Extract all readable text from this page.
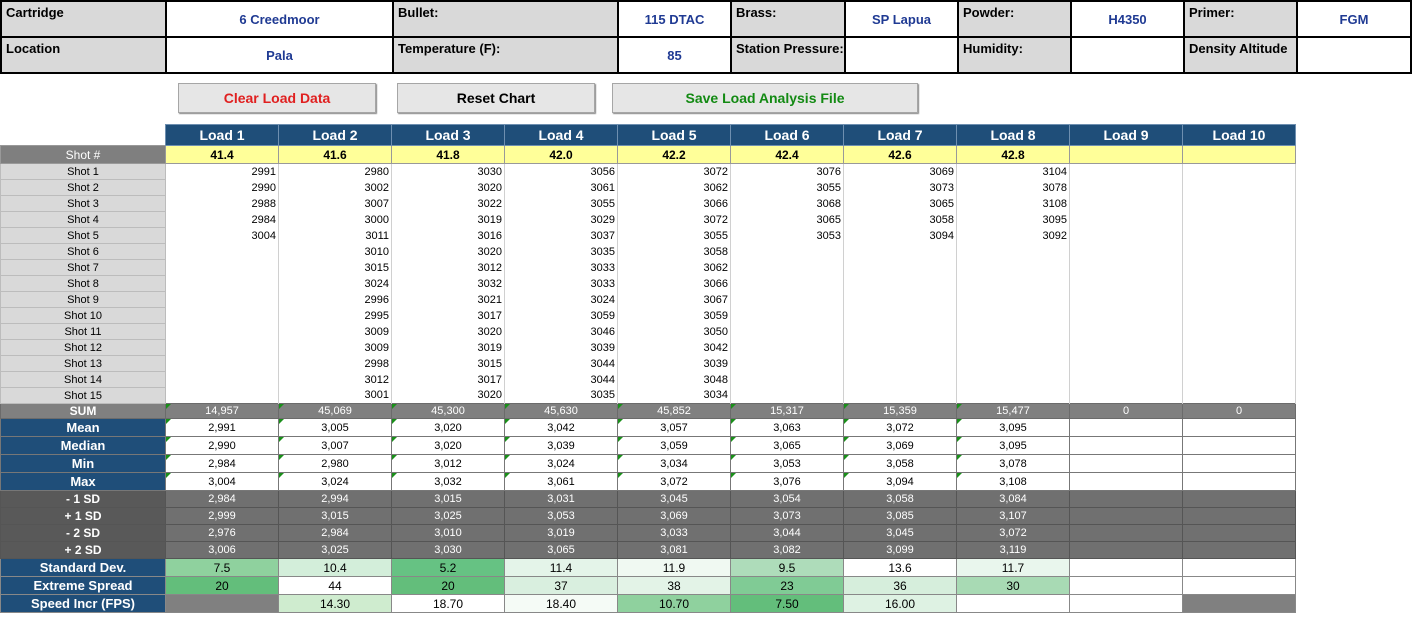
Cartridge	6 Creedmoor	Bullet:	115 DTAC	Brass:	SP Lapua	Powder:	H4350	Primer:	FGM
Location	Pala	Temperature (F):	85	Station Pressure:		Humidity:		Density Altitude	
Clear Load Data	Reset Chart	Save Load Analysis File
	Load 1	Load 2	Load 3	Load 4	Load 5	Load 6	Load 7	Load 8	Load 9	Load 10
Shot #	41.4	41.6	41.8	42.0	42.2	42.4	42.6	42.8		
Shot 1	2991	2980	3030	3056	3072	3076	3069	3104		
Shot 2	2990	3002	3020	3061	3062	3055	3073	3078		
Shot 3	2988	3007	3022	3055	3066	3068	3065	3108		
Shot 4	2984	3000	3019	3029	3072	3065	3058	3095		
Shot 5	3004	3011	3016	3037	3055	3053	3094	3092		
Shot 6		3010	3020	3035	3058					
Shot 7		3015	3012	3033	3062					
Shot 8		3024	3032	3033	3066					
Shot 9		2996	3021	3024	3067					
Shot 10		2995	3017	3059	3059					
Shot 11		3009	3020	3046	3050					
Shot 12		3009	3019	3039	3042					
Shot 13		2998	3015	3044	3039					
Shot 14		3012	3017	3044	3048					
Shot 15		3001	3020	3035	3034					
SUM	14,957	45,069	45,300	45,630	45,852	15,317	15,359	15,477	0	0
Mean	2,991	3,005	3,020	3,042	3,057	3,063	3,072	3,095		
Median	2,990	3,007	3,020	3,039	3,059	3,065	3,069	3,095		
Min	2,984	2,980	3,012	3,024	3,034	3,053	3,058	3,078		
Max	3,004	3,024	3,032	3,061	3,072	3,076	3,094	3,108		
- 1 SD	2,984	2,994	3,015	3,031	3,045	3,054	3,058	3,084		
+ 1 SD	2,999	3,015	3,025	3,053	3,069	3,073	3,085	3,107		
- 2 SD	2,976	2,984	3,010	3,019	3,033	3,044	3,045	3,072		
+ 2 SD	3,006	3,025	3,030	3,065	3,081	3,082	3,099	3,119		
Standard Dev.	7.5	10.4	5.2	11.4	11.9	9.5	13.6	11.7		
Extreme Spread	20	44	20	37	38	23	36	30		
Speed Incr (FPS)		14.30	18.70	18.40	10.70	7.50	16.00			
